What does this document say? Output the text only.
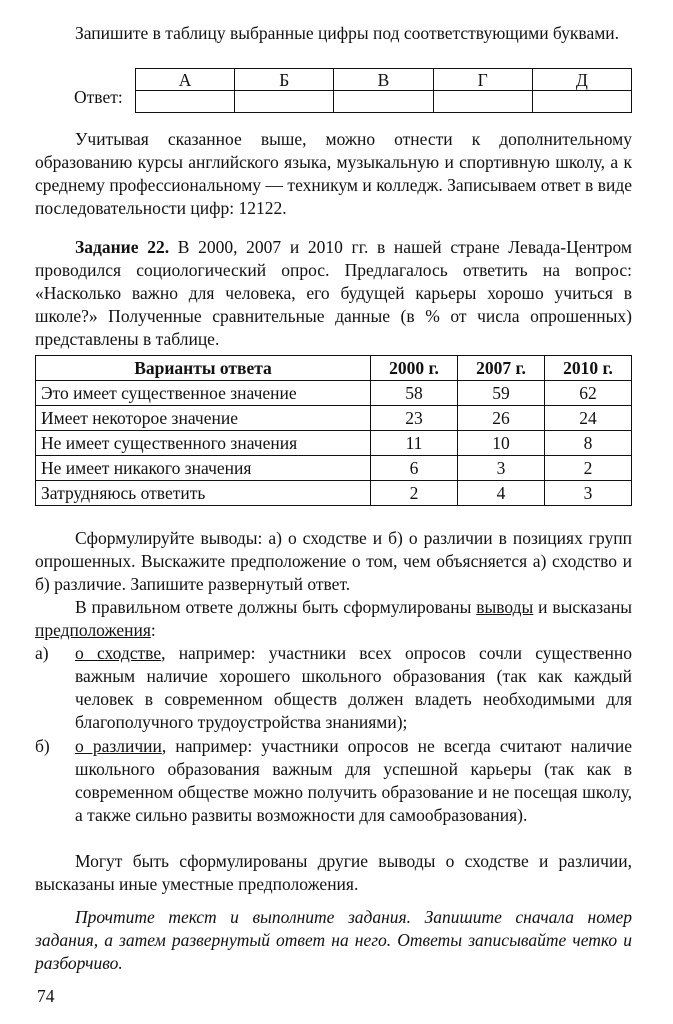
Запишите в таблицу выбранные цифры под соответствующими буквами.
Ответ:
А	Б	В	Г	Д

Учитывая сказанное выше, можно отнести к дополнительному образованию курсы английского языка, музыкальную и спортивную школу, а к среднему профессиональному — техникум и колледж. Записываем ответ в виде последовательности цифр: 12122.
Задание 22. В 2000, 2007 и 2010 гг. в нашей стране Левада-Центром проводился социологический опрос. Предлагалось ответить на вопрос: «Насколько важно для человека, его будущей карьеры хорошо учиться в школе?» Полученные сравнительные данные (в % от числа опрошенных) представлены в таблице.
Варианты ответа	2000 г.	2007 г.	2010 г.
Это имеет существенное значение	58	59	62
Имеет некоторое значение	23	26	24
Не имеет существенного значения	11	10	8
Не имеет никакого значения	6	3	2
Затрудняюсь ответить	2	4	3
Сформулируйте выводы: а) о сходстве и б) о различии в позициях групп опрошенных. Выскажите предположение о том, чем объясняется а) сходство и б) различие. Запишите развернутый ответ.
В правильном ответе должны быть сформулированы выводы и высказаны предположения:
а) о сходстве, например: участники всех опросов сочли существенно важным наличие хорошего школьного образования (так как каждый человек в современном обществ должен владеть необходимыми для благополучного трудоустройства знаниями);
б) о различии, например: участники опросов не всегда считают наличие школьного образования важным для успешной карьеры (так как в современном обществе можно получить образование и не посещая школу, а также сильно развиты возможности для самообразования).
Могут быть сформулированы другие выводы о сходстве и различии, высказаны иные уместные предположения.
Прочтите текст и выполните задания. Запишите сначала номер задания, а затем развернутый ответ на него. Ответы записывайте четко и разборчиво.
74
